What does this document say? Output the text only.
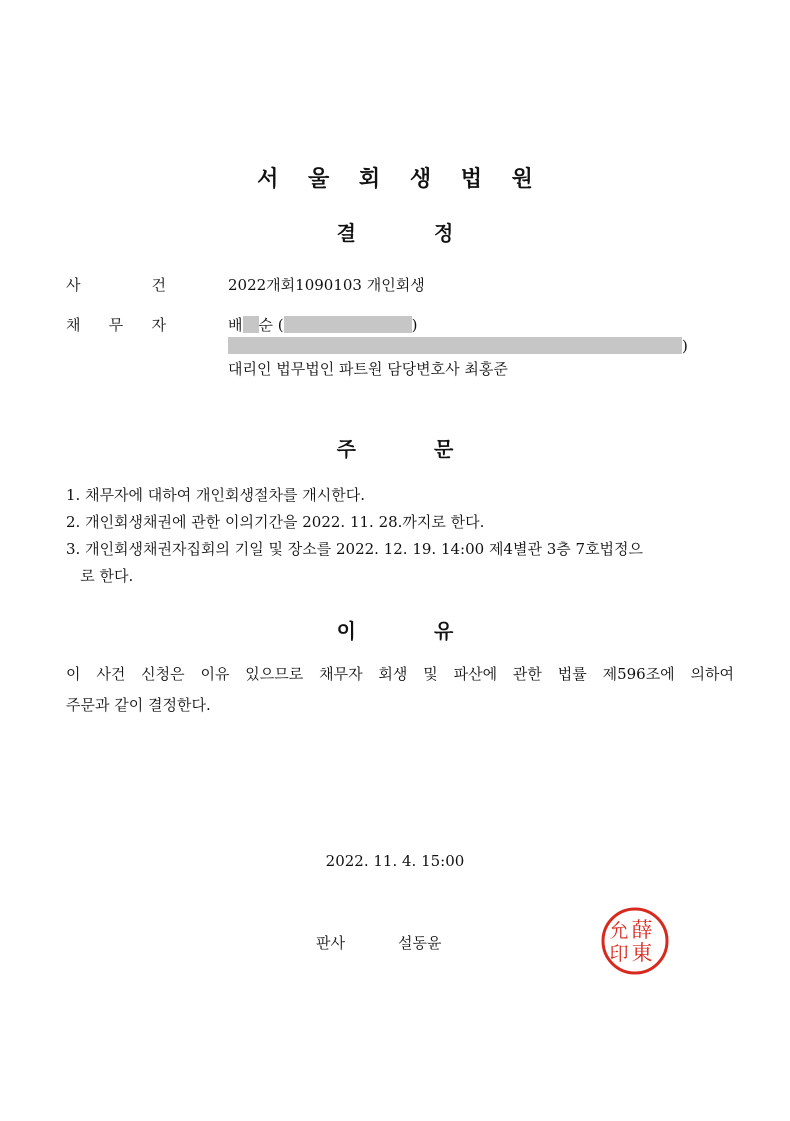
서 울 회 생 법 원
결	정
사	건	2022개회1090103 개인회생
채 무 자	배 순 (	)
)
대리인 법무법인 파트원 담당변호사 최홍준
주	문
1. 채무자에 대하여 개인회생절차를 개시한다.
2. 개인회생채권에 관한 이의기간을 2022. 11. 28.까지로 한다.
3. 개인회생채권자집회의 기일 및 장소를 2022. 12. 19. 14:00 제4별관 3층 7호법정으
로 한다.
이	유
이 사건 신청은 이유 있으므로 채무자 회생 및 파산에 관한 법률 제596조에 의하여
주문과 같이 결정한다.
2022. 11. 4. 15:00
판사	설동윤
薛
東
允
印
